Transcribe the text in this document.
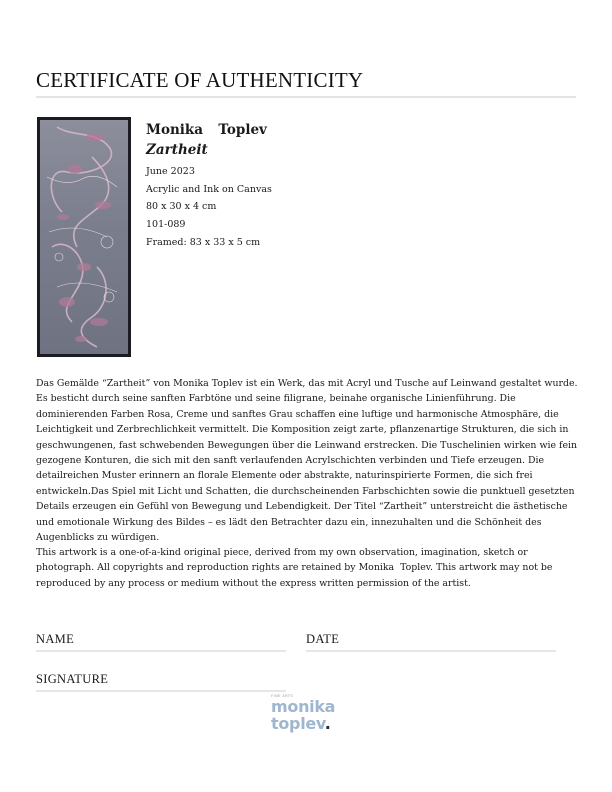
CERTIFICATE OF AUTHENTICITY
Monika  Toplev
Zartheit
June 2023
Acrylic and Ink on Canvas
80 x 30 x 4 cm
101-089
Framed: 83 x 33 x 5 cm

Das Gemälde “Zartheit” von Monika Toplev ist ein Werk, das mit Acryl und Tusche auf Leinwand gestaltet wurde. Es besticht durch seine sanften Farbtöne und seine filigrane, beinahe organische Linienführung. Die dominierenden Farben Rosa, Creme und sanftes Grau schaffen eine luftige und harmonische Atmosphäre, die Leichtigkeit und Zerbrechlichkeit vermittelt. Die Komposition zeigt zarte, pflanzenartige Strukturen, die sich in geschwungenen, fast schwebenden Bewegungen über die Leinwand erstrecken. Die Tuschelinien wirken wie fein gezogene Konturen, die sich mit den sanft verlaufenden Acrylschichten verbinden und Tiefe erzeugen. Die detailreichen Muster erinnern an florale Elemente oder abstrakte, naturinspirierte Formen, die sich frei entwickeln.Das Spiel mit Licht und Schatten, die durchscheinenden Farbschichten sowie die punktuell gesetzten Details erzeugen ein Gefühl von Bewegung und Lebendigkeit. Der Titel “Zartheit” unterstreicht die ästhetische und emotionale Wirkung des Bildes – es lädt den Betrachter dazu ein, innezuhalten und die Schönheit des Augenblicks zu würdigen.

This artwork is a one-of-a-kind original piece, derived from my own observation, imagination, sketch or photograph. All copyrights and reproduction rights are retained by Monika  Toplev. This artwork may not be reproduced by any process or medium without the express written permission of the artist.

NAME	DATE
SIGNATURE
FINE ARTS
monika
toplev.
